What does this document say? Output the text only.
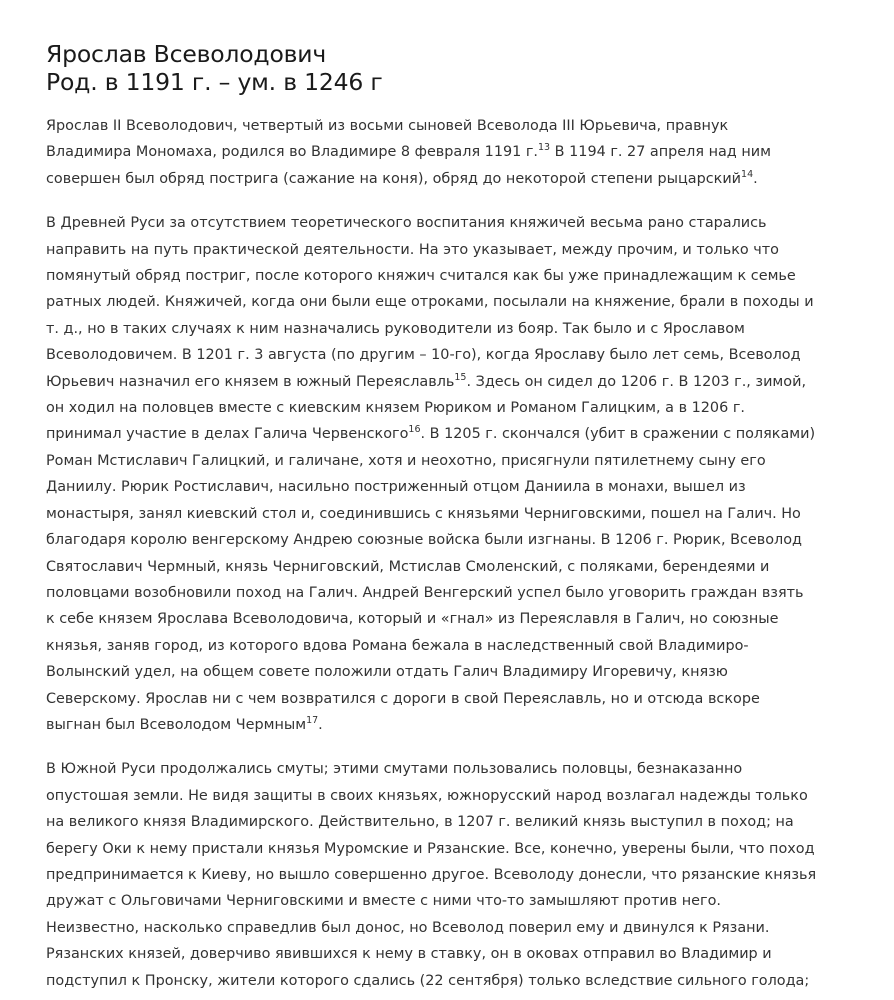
Ярослав Всеволодович
Род. в 1191 г. – ум. в 1246 г

Ярослав II Всеволодович, четвертый из восьми сыновей Всеволода III Юрьевича, правнук
Владимира Мономаха, родился во Владимире 8 февраля 1191 г.$^{13}$ В 1194 г. 27 апреля над ним
совершен был обряд пострига (сажание на коня), обряд до некоторой степени рыцарский$^{14}$.

В Древней Руси за отсутствием теоретического воспитания княжичей весьма рано старались
направить на путь практической деятельности. На это указывает, между прочим, и только что
помянутый обряд постриг, после которого княжич считался как бы уже принадлежащим к семье
ратных людей. Княжичей, когда они были еще отроками, посылали на княжение, брали в походы и
т. д., но в таких случаях к ним назначались руководители из бояр. Так было и с Ярославом
Всеволодовичем. В 1201 г. 3 августа (по другим – 10-го), когда Ярославу было лет семь, Всеволод
Юрьевич назначил его князем в южный Переяславль$^{15}$. Здесь он сидел до 1206 г. В 1203 г., зимой,
он ходил на половцев вместе с киевским князем Рюриком и Романом Галицким, а в 1206 г.
принимал участие в делах Галича Червенского$^{16}$. В 1205 г. скончался (убит в сражении с поляками)
Роман Мстиславич Галицкий, и галичане, хотя и неохотно, присягнули пятилетнему сыну его
Даниилу. Рюрик Ростиславич, насильно постриженный отцом Даниила в монахи, вышел из
монастыря, занял киевский стол и, соединившись с князьями Черниговскими, пошел на Галич. Но
благодаря королю венгерскому Андрею союзные войска были изгнаны. В 1206 г. Рюрик, Всеволод
Святославич Чермный, князь Черниговский, Мстислав Смоленский, с поляками, берендеями и
половцами возобновили поход на Галич. Андрей Венгерский успел было уговорить граждан взять
к себе князем Ярослава Всеволодовича, который и «гнал» из Переяславля в Галич, но союзные
князья, заняв город, из которого вдова Романа бежала в наследственный свой Владимиро-
Волынский удел, на общем совете положили отдать Галич Владимиру Игоревичу, князю
Северскому. Ярослав ни с чем возвратился с дороги в свой Переяславль, но и отсюда вскоре
выгнан был Всеволодом Чермным$^{17}$.

В Южной Руси продолжались смуты; этими смутами пользовались половцы, безнаказанно
опустошая земли. Не видя защиты в своих князьях, южнорусский народ возлагал надежды только
на великого князя Владимирского. Действительно, в 1207 г. великий князь выступил в поход; на
берегу Оки к нему пристали князья Муромские и Рязанские. Все, конечно, уверены были, что поход
предпринимается к Киеву, но вышло совершенно другое. Всеволоду донесли, что рязанские князья
дружат с Ольговичами Черниговскими и вместе с ними что-то замышляют против него.
Неизвестно, насколько справедлив был донос, но Всеволод поверил ему и двинулся к Рязани.
Рязанских князей, доверчиво явившихся к нему в ставку, он в оковах отправил во Владимир и
подступил к Пронску, жители которого сдались (22 сентября) только вследствие сильного голода;
